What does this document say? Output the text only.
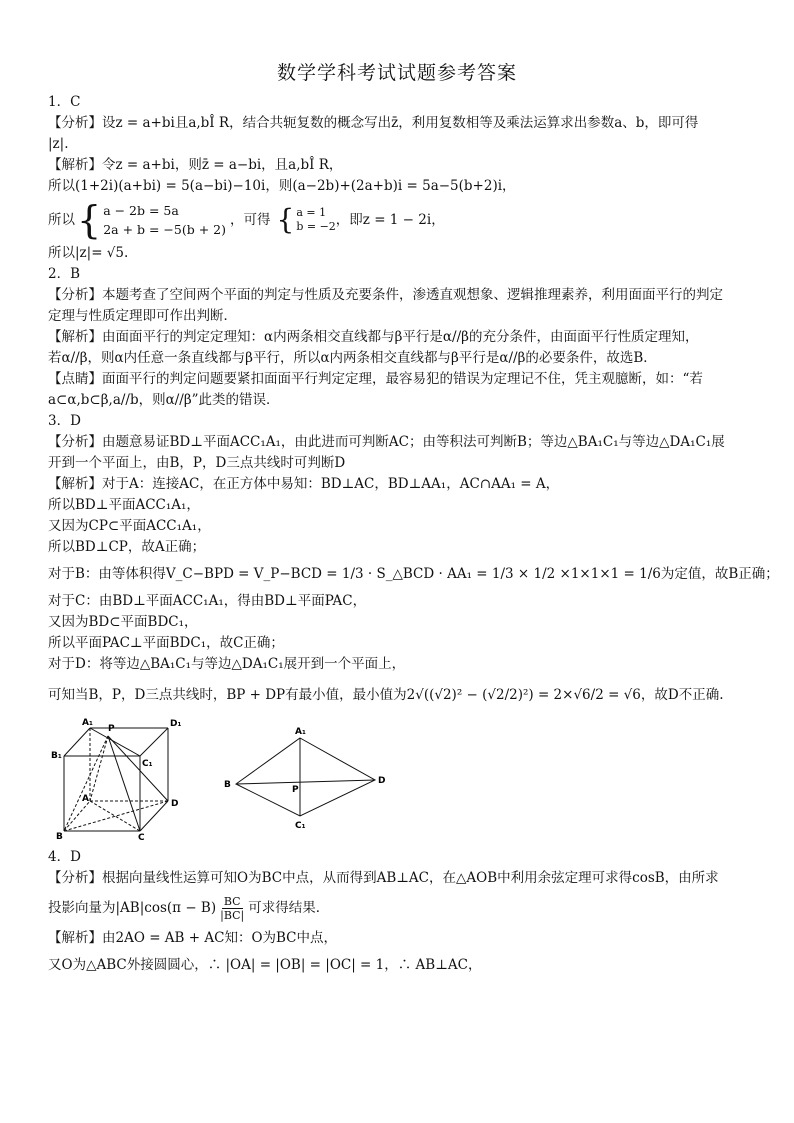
数学学科考试试题参考答案
1．C
【分析】设z = a+bi且a,bÎ R，结合共轭复数的概念写出z̄，利用复数相等及乘法运算求出参数a、b，即可得
|z|.
【解析】令z = a+bi，则z̄ = a−bi，且a,bÎ R，
所以(1+2i)(a+bi) = 5(a−bi)−10i，则(a−2b)+(2a+b)i = 5a−5(b+2)i，
所以 { a − 2b = 5a
2a + b = −5(b + 2)
，可得 { a = 1
b = −2 ，即z = 1 − 2i，
所以|z|= √5.
2．B
【分析】本题考查了空间两个平面的判定与性质及充要条件，渗透直观想象、逻辑推理素养，利用面面平行的判定
定理与性质定理即可作出判断．
【解析】由面面平行的判定定理知：α内两条相交直线都与β平行是α//β的充分条件，由面面平行性质定理知，
若α//β，则α内任意一条直线都与β平行，所以α内两条相交直线都与β平行是α//β的必要条件，故选B．
【点睛】面面平行的判定问题要紧扣面面平行判定定理，最容易犯的错误为定理记不住，凭主观臆断，如：“若
a⊂α,b⊂β,a//b，则α//β”此类的错误．
3．D
【分析】由题意易证BD⊥平面ACC₁A₁，由此进而可判断AC；由等积法可判断B；等边△BA₁C₁与等边△DA₁C₁展
开到一个平面上，由B，P，D三点共线时可判断D
【解析】对于A：连接AC，在正方体中易知：BD⊥AC，BD⊥AA₁，AC∩AA₁ = A，
所以BD⊥平面ACC₁A₁，
又因为CP⊂平面ACC₁A₁，
所以BD⊥CP，故A正确；
对于B：由等体积得V_C−BPD = V_P−BCD = 1/3 · S_△BCD · AA₁ = 1/3 × 1/2 ×1×1×1 = 1/6为定值，故B正确；
对于C：由BD⊥平面ACC₁A₁，得由BD⊥平面PAC，
又因为BD⊂平面BDC₁，
所以平面PAC⊥平面BDC₁，故C正确；
对于D：将等边△BA₁C₁与等边△DA₁C₁展开到一个平面上，
可知当B，P，D三点共线时，BP + DP有最小值，最小值为2√((√2)² − (√2/2)²) = 2×√6/2 = √6，故D不正确.
A₁
P	D₁
B₁
C₁
A	D
B	C
A₁
B	P
D
C₁
4．D
【分析】根据向量线性运算可知O为BC中点，从而得到AB⊥AC，在△AOB中利用余弦定理可求得cosB，由所求
投影向量为 $|AB|\cos(\pi - B) \frac{BC}{|BC|}$ 可求得结果．
【解析】由2AO = AB + AC知：O为BC中点，
又O为△ABC外接圆圆心，∴ |OA| = |OB| = |OC| = 1，∴ AB⊥AC，
